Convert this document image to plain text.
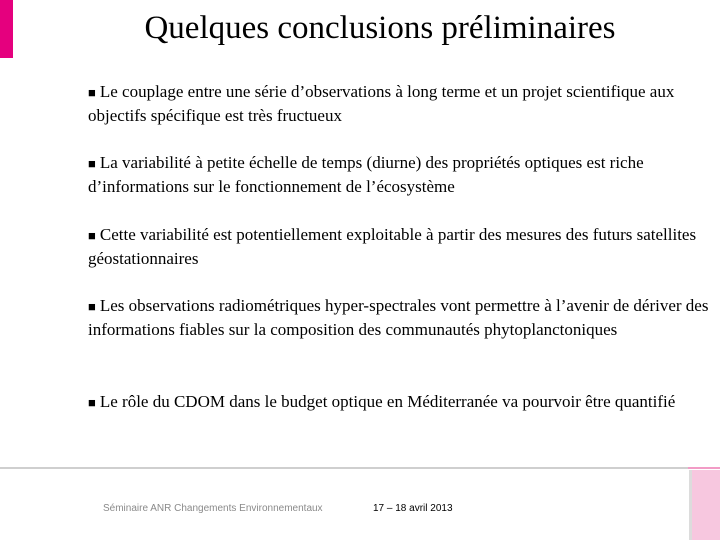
Quelques conclusions préliminaires

■ Le couplage entre une série d’observations à long terme et un projet scientifique aux objectifs spécifique est très fructueux

■ La variabilité à petite échelle de temps (diurne) des propriétés optiques est riche d’informations sur le fonctionnement de l’écosystème

■ Cette variabilité est potentiellement exploitable à partir des mesures des futurs satellites géostationnaires

■ Les observations radiométriques hyper-spectrales vont permettre à l’avenir de dériver des informations fiables sur la composition des communautés phytoplanctoniques

■ Le rôle du CDOM dans le budget optique en Méditerranée va pourvoir être quantifié

Séminaire ANR Changements Environnementaux	17 – 18 avril 2013
